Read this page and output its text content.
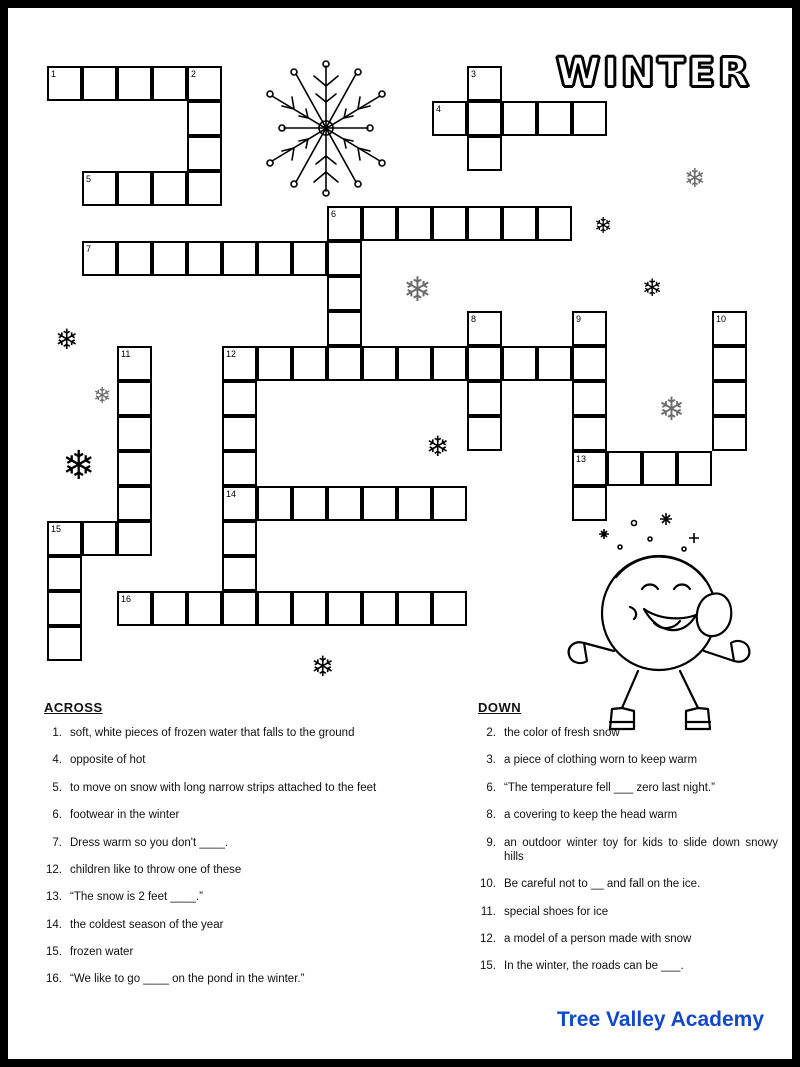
WINTER
❄
❄
❄	❄
❄
❄	❄
❄
❄
❄
1
4
5
6
7
12
13
14
15
16
2	3
8	9	10
11
ACROSS
1. soft, white pieces of frozen water that falls to the ground
4. opposite of hot
5. to move on snow with long narrow strips attached to the feet
6. footwear in the winter
7. Dress warm so you don't ____.
12. children like to throw one of these
13. “The snow is 2 feet ____.”
14. the coldest season of the year
15. frozen water
16. “We like to go ____ on the pond in the winter.”
DOWN
2. the color of fresh snow
3. a piece of clothing worn to keep warm
6. “The temperature fell ___ zero last night.”
8. a covering to keep the head warm
9. an outdoor winter toy for kids to slide down snowy hills
10. Be careful not to __ and fall on the ice.
11. special shoes for ice
12. a model of a person made with snow
15. In the winter, the roads can be ___.
Tree Valley Academy
